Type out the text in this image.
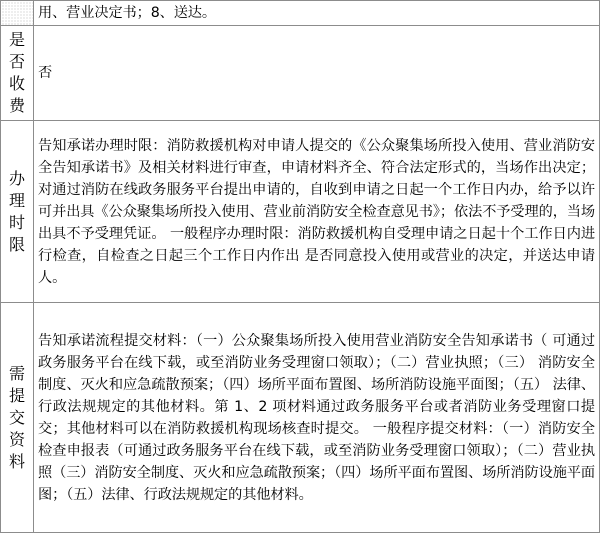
	用、营业决定书；8、送达。

是否收费	否

办理时限	告知承诺办理时限：消防救援机构对申请人提交的《公众聚集场所投入使用、营业消防安全告知承诺书》及相关材料进行审查，申请材料齐全、符合法定形式的，当场作出决定；对通过消防在线政务服务平台提出申请的，自收到申请之日起一个工作日内办，给予以许可并出具《公众聚集场所投入使用、营业前消防安全检查意见书》；依法不予受理的，当场出具不予受理凭证。 一般程序办理时限：消防救援机构自受理申请之日起十个工作日内进行检查，自检查之日起三个工作日内作出 是否同意投入使用或营业的决定，并送达申请人。

需提交资料	告知承诺流程提交材料：（一）公众聚集场所投入使用营业消防安全告知承诺书（ 可通过政务服务平台在线下载，或至消防业务受理窗口领取）；（二）营业执照；（三） 消防安全制度、灭火和应急疏散预案；（四）场所平面布置图、场所消防设施平面图；（五） 法律、行政法规规定的其他材料。第 1、2 项材料通过政务服务平台或者消防业务受理窗口提交；其他材料可以在消防救援机构现场核查时提交。 一般程序提交材料：（一）消防安全检查申报表（可通过政务服务平台在线下载，或至消防业务受理窗口领取）；（二）营业执照（三）消防安全制度、灭火和应急疏散预案；（四）场所平面布置图、场所消防设施平面图；（五）法律、行政法规规定的其他材料。
